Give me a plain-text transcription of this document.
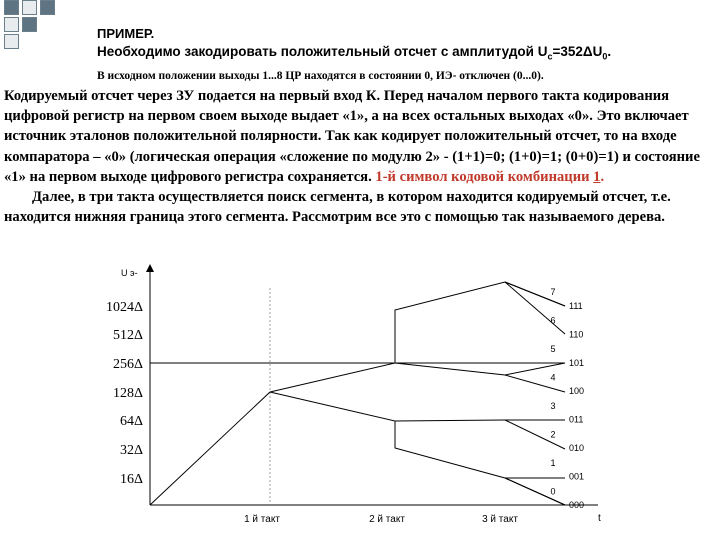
ПРИМЕР.
Необходимо закодировать положительный отсчет с амплитудой $U_c=352\Delta U_0$.
В исходном положении выходы 1...8 ЦР находятся в состоянии 0, ИЭ- отключен (0...0).
Кодируемый отсчет через ЗУ подается на первый вход К. Перед началом первого такта кодирования цифровой регистр на первом своем выходе выдает «1», а на всех остальных выходах «0». Это включает источник эталонов положительной полярности. Так как кодирует положительный отсчет, то на входе компаратора – «0» (логическая операция «сложение по модулю 2» - (1+1)=0; (1+0)=1; (0+0)=1) и состояние «1» на первом выходе цифрового регистра сохраняется. 1-й символ кодовой комбинации 1.
Далее, в три такта осуществляется поиск сегмента, в котором находится кодируемый отсчет, т.е. находится нижняя граница этого сегмента. Рассмотрим все это с помощью так называемого дерева.
U э-
1024Δ
512Δ
256Δ
128Δ
64Δ
32Δ
16Δ
7
6
5
4
3
2
1
0
111
110
101
100
011
010
001
000
1 й такт	2 й такт	3 й такт	t
